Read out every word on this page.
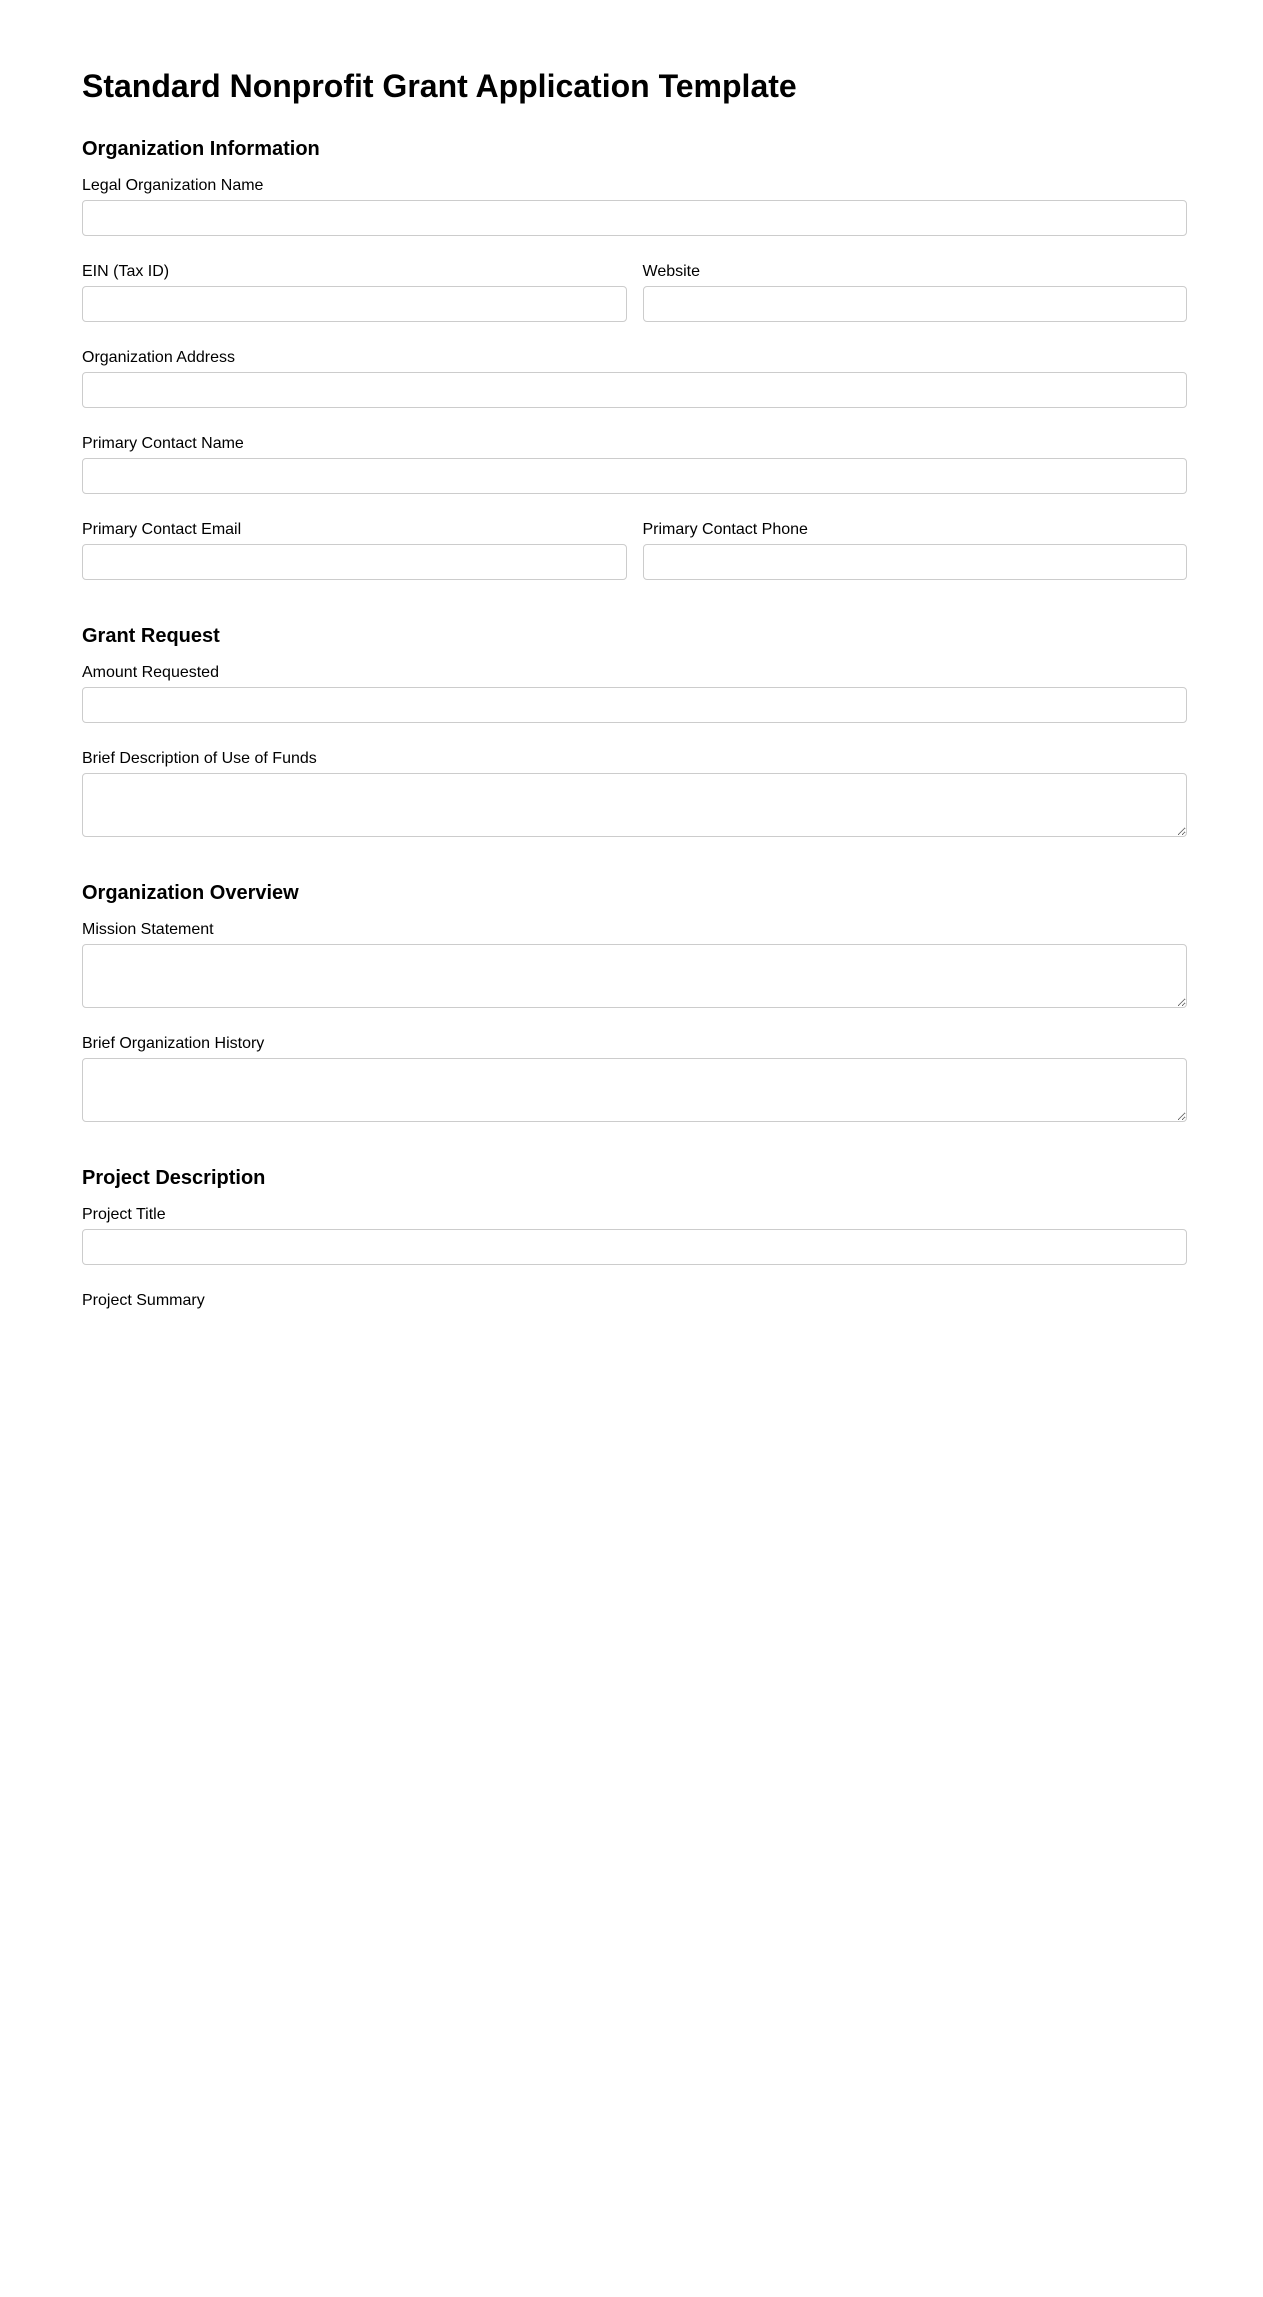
Standard Nonprofit Grant Application Template
Organization Information
Legal Organization Name
EIN (Tax ID)	Website
Organization Address
Primary Contact Name
Primary Contact Email	Primary Contact Phone
Grant Request
Amount Requested
Brief Description of Use of Funds
Organization Overview
Mission Statement
Brief Organization History
Project Description
Project Title
Project Summary
